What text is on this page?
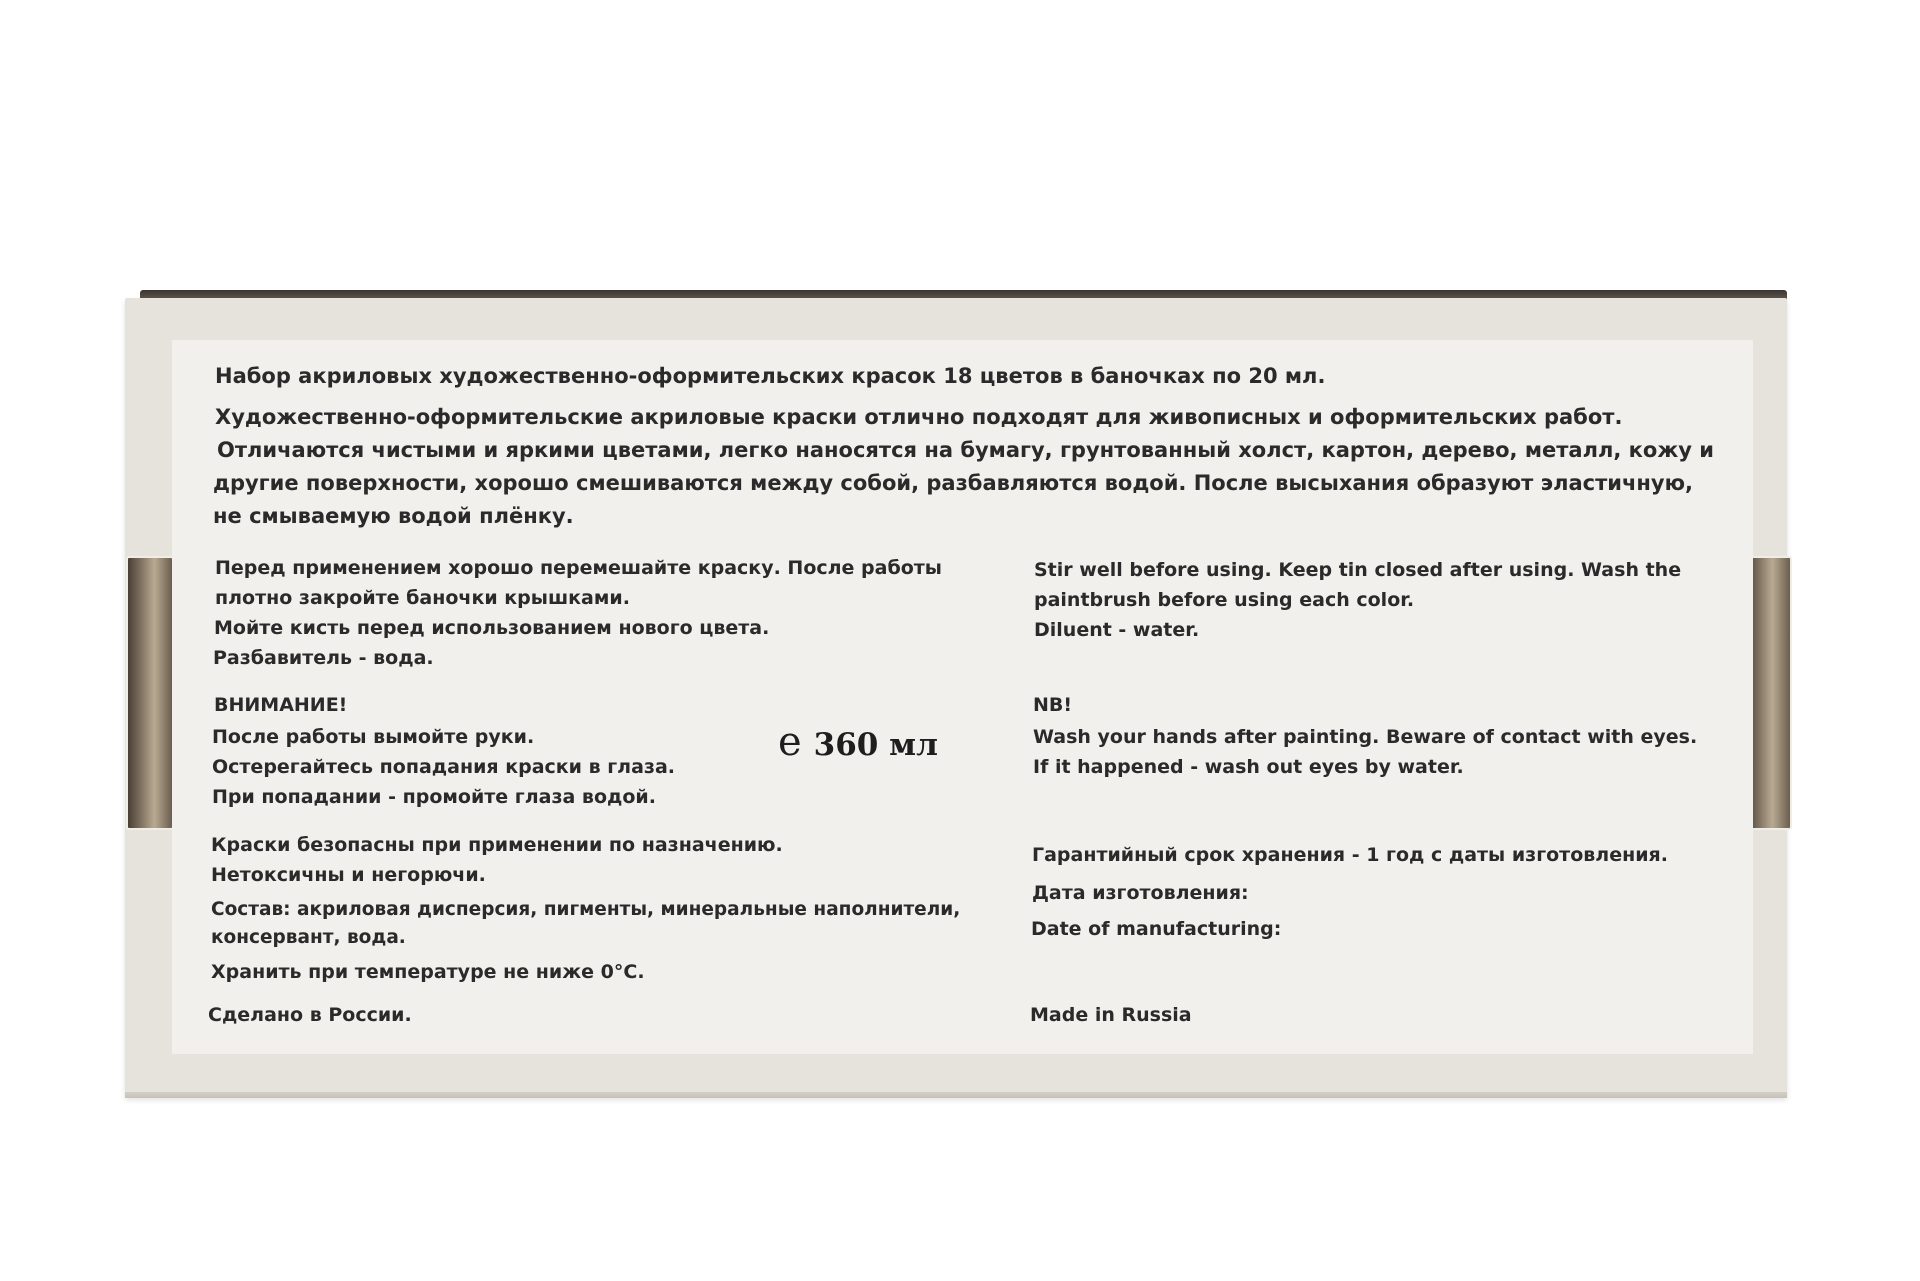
Набор акриловых художественно-оформительских красок 18 цветов в баночках по 20 мл.
Художественно-оформительские акриловые краски отлично подходят для живописных и оформительских работ.
Отличаются чистыми и яркими цветами, легко наносятся на бумагу, грунтованный холст, картон, дерево, металл, кожу и
другие поверхности, хорошо смешиваются между собой, разбавляются водой. После высыхания образуют эластичную,
не смываемую водой плёнку.
Перед применением хорошо перемешайте краску. После работы
плотно закройте баночки крышками.
Мойте кисть перед использованием нового цвета.
Разбавитель - вода.
Stir well before using. Keep tin closed after using. Wash the
paintbrush before using each color.
Diluent - water.
ВНИМАНИЕ!
После работы вымойте руки.
Остерегайтесь попадания краски в глаза.
При попадании - промойте глаза водой.
e 360 мл
NB!
Wash your hands after painting. Beware of contact with eyes.
If it happened - wash out eyes by water.
Краски безопасны при применении по назначению.
Нетоксичны и негорючи.
Состав: акриловая дисперсия, пигменты, минеральные наполнители,
консервант, вода.
Хранить при температуре не ниже 0°C.
Гарантийный срок хранения - 1 год с даты изготовления.
Дата изготовления:
Date of manufacturing:
Сделано в России.	Made in Russia
